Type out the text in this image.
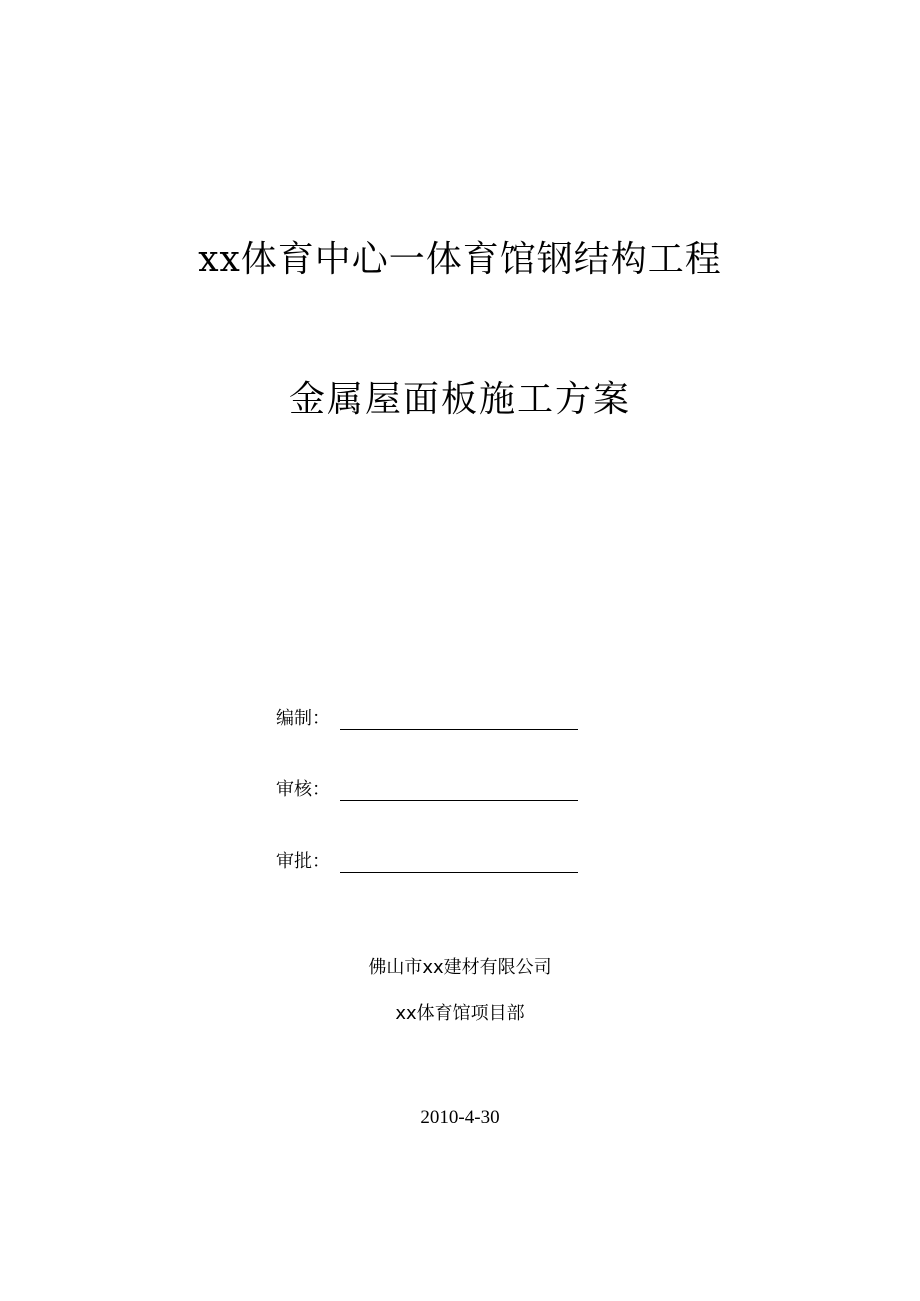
xx体育中心一体育馆钢结构工程
金属屋面板施工方案
编制：
审核：
审批：
佛山市xx建材有限公司
xx体育馆项目部
2010-4-30
